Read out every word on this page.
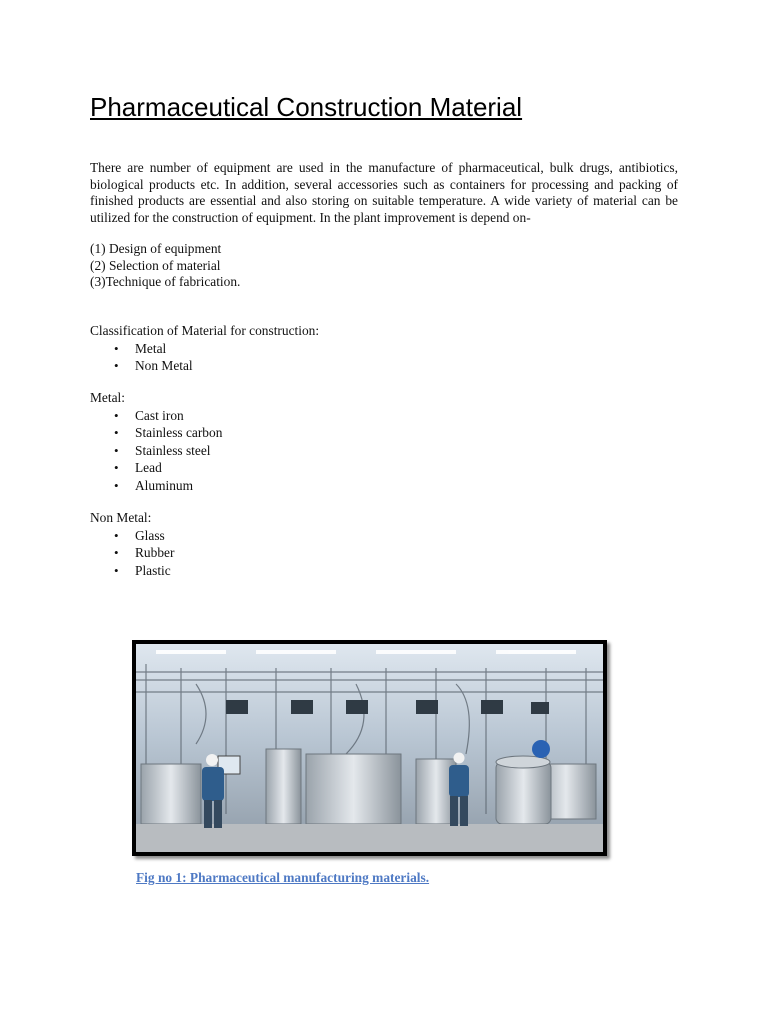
Pharmaceutical Construction Material

There are number of equipment are used in the manufacture of pharmaceutical, bulk drugs, antibiotics, biological products etc. In addition, several accessories such as containers for processing and packing of finished products are essential and also storing on suitable temperature. A wide variety of material can be utilized for the construction of equipment. In the plant improvement is depend on-

(1) Design of equipment
(2) Selection of material
(3)Technique of fabrication.

Classification of Material for construction:

• Metal
• Non Metal

Metal:

• Cast iron
• Stainless carbon
• Stainless steel
• Lead
• Aluminum

Non Metal:

• Glass
• Rubber
• Plastic

Fig no 1: Pharmaceutical manufacturing materials.
